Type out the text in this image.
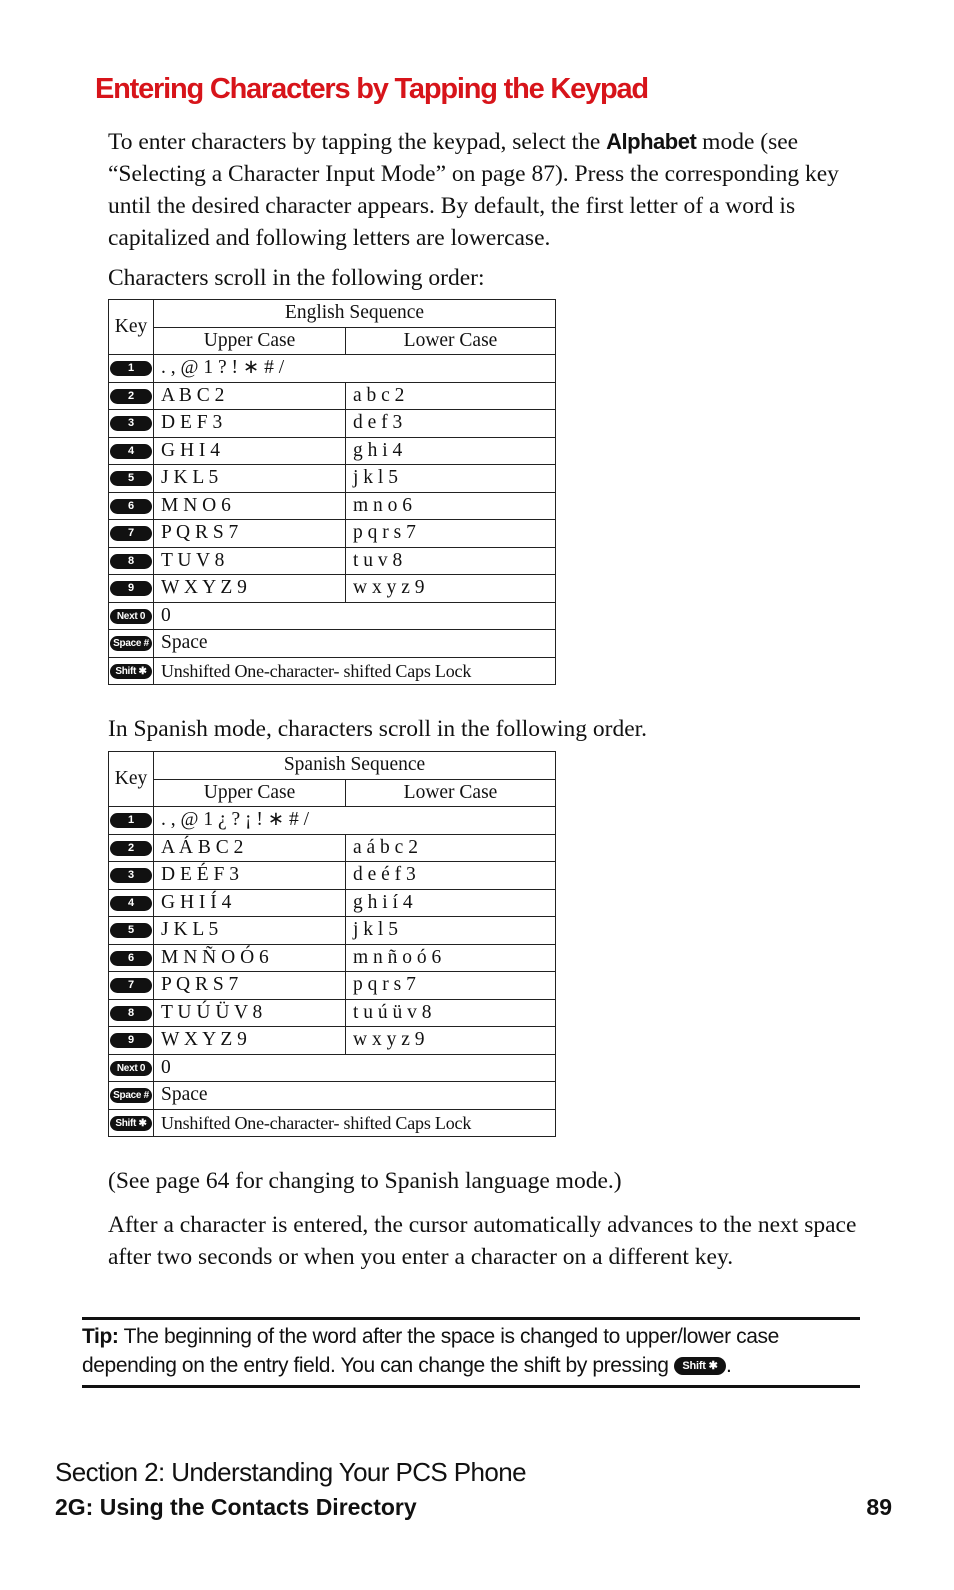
Entering Characters by Tapping the Keypad

To enter characters by tapping the keypad, select the Alphabet mode (see “Selecting a Character Input Mode” on page 87). Press the corresponding key until the desired character appears. By default, the first letter of a word is capitalized and following letters are lowercase.

Characters scroll in the following order:

Key	English Sequence	
	Upper Case	Lower Case
1	. , @ 1 ? ! ∗ # /	
2	A B C 2	a b c 2
3	D E F 3	d e f 3
4	G H I 4	g h i 4
5	J K L 5	j k l 5
6	M N O 6	m n o 6
7	P Q R S 7	p q r s 7
8	T U V 8	t u v 8
9	W X Y Z 9	w x y z 9
Next 0	0	
Space #	Space	
Shift ✱	Unshifted One-character- shifted Caps Lock	

In Spanish mode, characters scroll in the following order.

Key	Spanish Sequence	
	Upper Case	Lower Case
1	. , @ 1 ¿ ? ¡ ! ∗ # /	
2	A Á B C 2	a á b c 2
3	D E É F 3	d e é f 3
4	G H I Í 4	g h i í 4
5	J K L 5	j k l 5
6	M N Ñ O Ó 6	m n ñ o ó 6
7	P Q R S 7	p q r s 7
8	T U Ú Ü V 8	t u ú ü v 8
9	W X Y Z 9	w x y z 9
Next 0	0	
Space #	Space	
Shift ✱	Unshifted One-character- shifted Caps Lock	

(See page 64 for changing to Spanish language mode.)

After a character is entered, the cursor automatically advances to the next space after two seconds or when you enter a character on a different key.

Tip: The beginning of the word after the space is changed to upper/lower case depending on the entry field. You can change the shift by pressing Shift ✱ .

Section 2: Understanding Your PCS Phone

2G: Using the Contacts Directory	89
